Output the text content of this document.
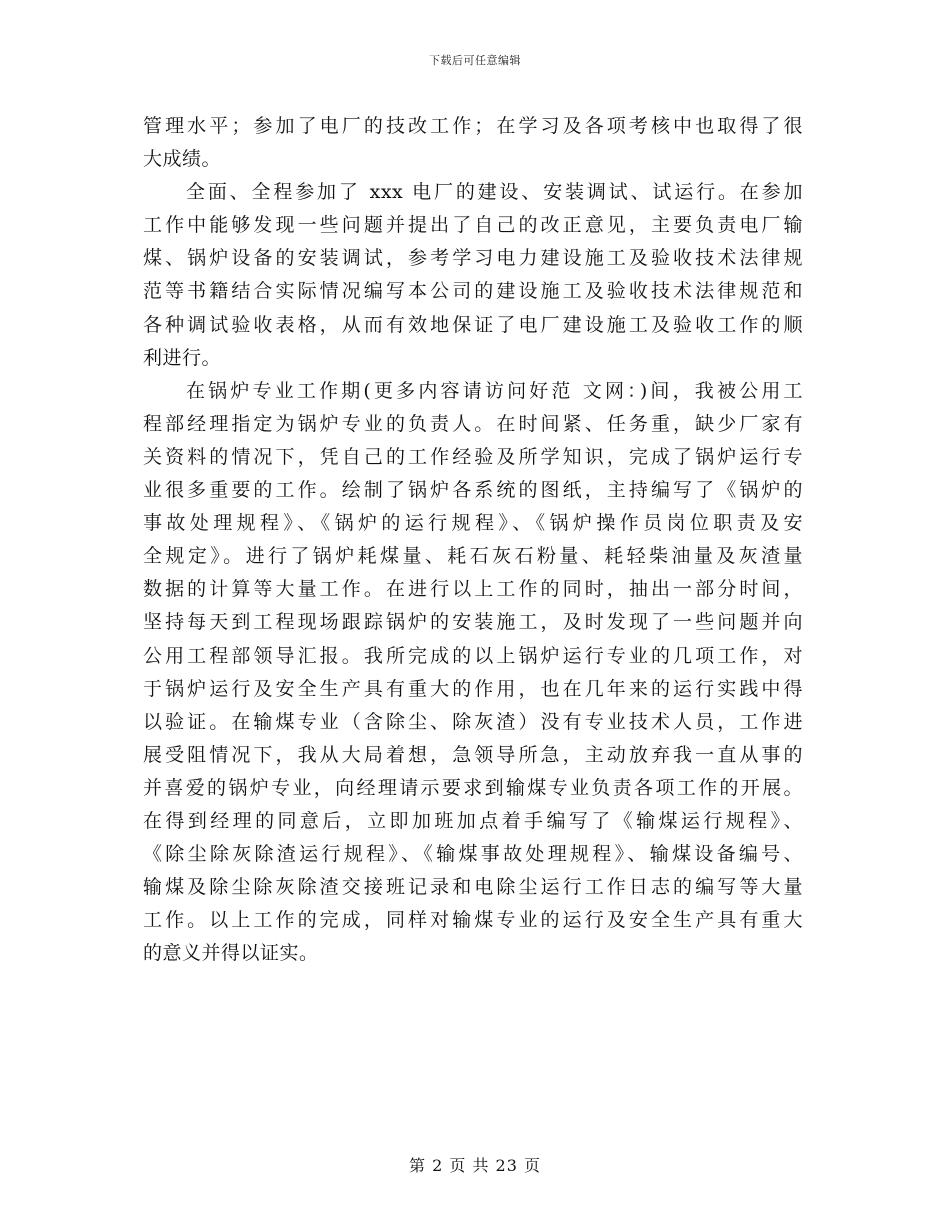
下载后可任意编辑

管理水平；参加了电厂的技改工作；在学习及各项考核中也取得了很
大成绩。

全面、全程参加了 xxx 电厂的建设、安装调试、试运行。在参加
工作中能够发现一些问题并提出了自己的改正意见，主要负责电厂输
煤、锅炉设备的安装调试，参考学习电力建设施工及验收技术法律规
范等书籍结合实际情况编写本公司的建设施工及验收技术法律规范和
各种调试验收表格，从而有效地保证了电厂建设施工及验收工作的顺
利进行。

在锅炉专业工作期(更多内容请访问好范 文网：)间，我被公用工
程部经理指定为锅炉专业的负责人。在时间紧、任务重，缺少厂家有
关资料的情况下，凭自己的工作经验及所学知识，完成了锅炉运行专
业很多重要的工作。绘制了锅炉各系统的图纸，主持编写了《锅炉的
事故处理规程》、《锅炉的运行规程》、《锅炉操作员岗位职责及安
全规定》。进行了锅炉耗煤量、耗石灰石粉量、耗轻柴油量及灰渣量
数据的计算等大量工作。在进行以上工作的同时，抽出一部分时间，
坚持每天到工程现场跟踪锅炉的安装施工，及时发现了一些问题并向
公用工程部领导汇报。我所完成的以上锅炉运行专业的几项工作，对
于锅炉运行及安全生产具有重大的作用，也在几年来的运行实践中得
以验证。在输煤专业（含除尘、除灰渣）没有专业技术人员，工作进
展受阻情况下，我从大局着想，急领导所急，主动放弃我一直从事的
并喜爱的锅炉专业，向经理请示要求到输煤专业负责各项工作的开展。
在得到经理的同意后，立即加班加点着手编写了《输煤运行规程》、
《除尘除灰除渣运行规程》、《输煤事故处理规程》、输煤设备编号、
输煤及除尘除灰除渣交接班记录和电除尘运行工作日志的编写等大量
工作。以上工作的完成，同样对输煤专业的运行及安全生产具有重大
的意义并得以证实。

第 2 页 共 23 页
